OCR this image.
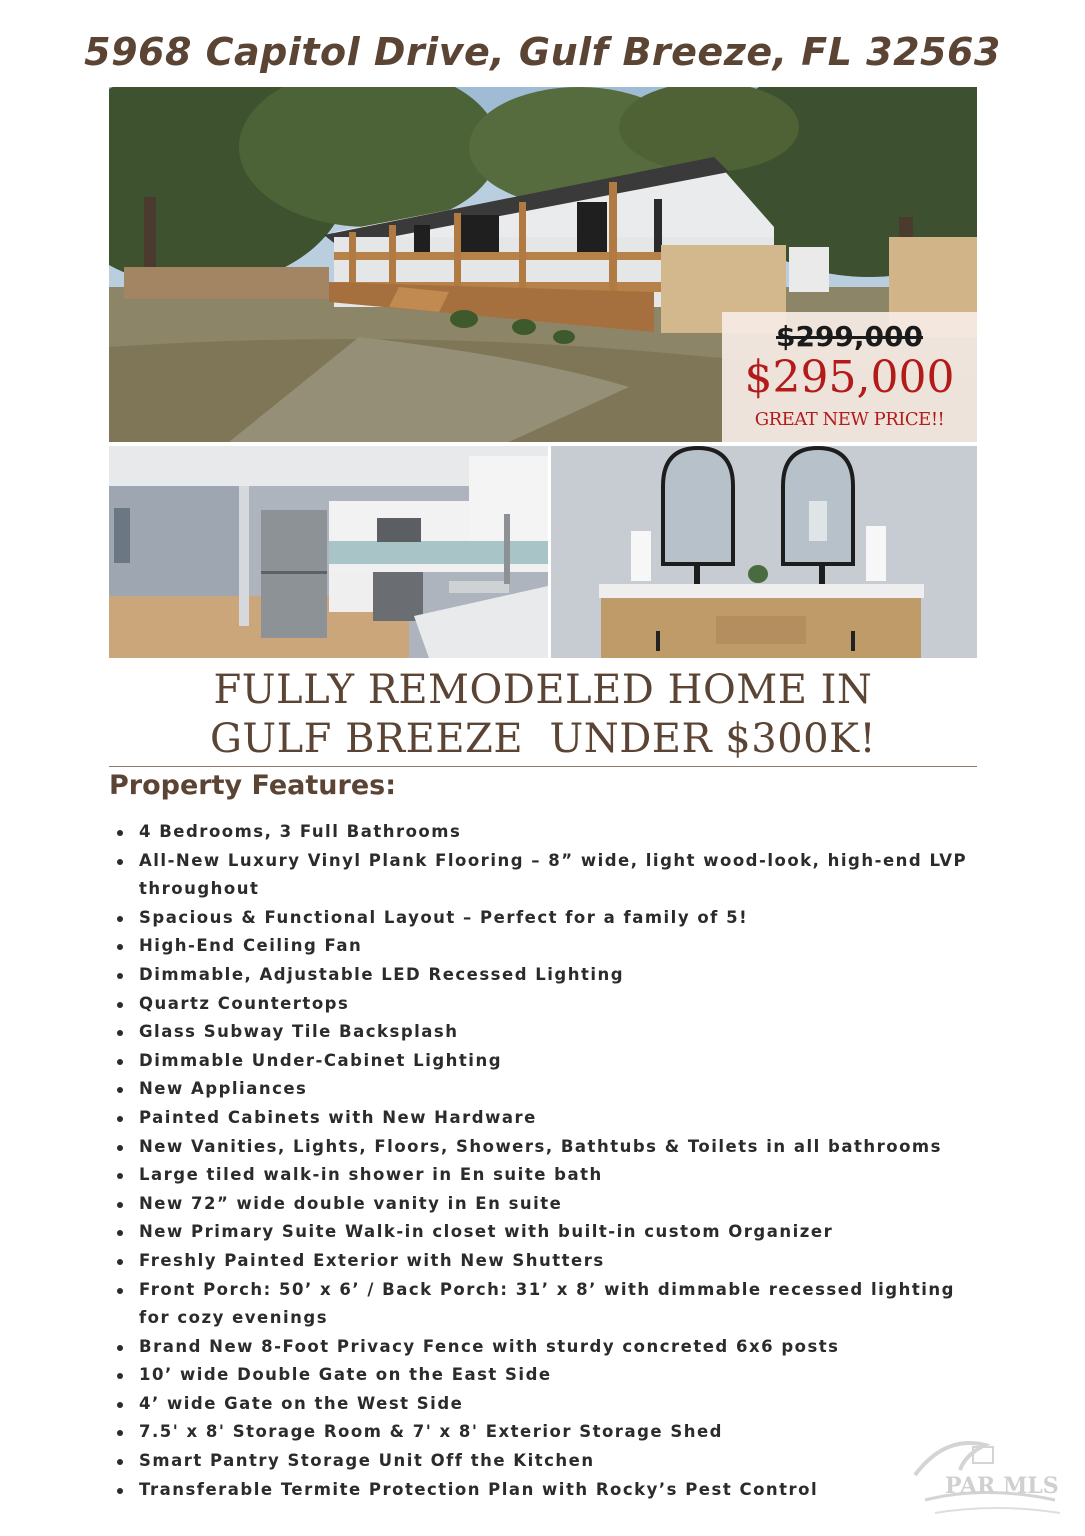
5968 Capitol Drive, Gulf Breeze, FL 32563
$299,000
$295,000
GREAT NEW PRICE!!
FULLY REMODELED HOME IN
GULF BREEZE  UNDER $300K!
Property Features:
4 Bedrooms, 3 Full Bathrooms
All-New Luxury Vinyl Plank Flooring – 8” wide, light wood-look, high-end LVP throughout
Spacious & Functional Layout – Perfect for a family of 5!
High-End Ceiling Fan
Dimmable, Adjustable LED Recessed Lighting
Quartz Countertops
Glass Subway Tile Backsplash
Dimmable Under-Cabinet Lighting
New Appliances
Painted Cabinets with New Hardware
New Vanities, Lights, Floors, Showers, Bathtubs & Toilets in all bathrooms
Large tiled walk-in shower in En suite bath
New 72” wide double vanity in En suite
New Primary Suite Walk-in closet with built-in custom Organizer
Freshly Painted Exterior with New Shutters
Front Porch: 50’ x 6’ / Back Porch: 31’ x 8’ with dimmable recessed lighting for cozy evenings
Brand New 8-Foot Privacy Fence with sturdy concreted 6x6 posts
10’ wide Double Gate on the East Side
4’ wide Gate on the West Side
7.5' x 8' Storage Room & 7' x 8' Exterior Storage Shed
Smart Pantry Storage Unit Off the Kitchen
Transferable Termite Protection Plan with Rocky’s Pest Control	PAR MLS
